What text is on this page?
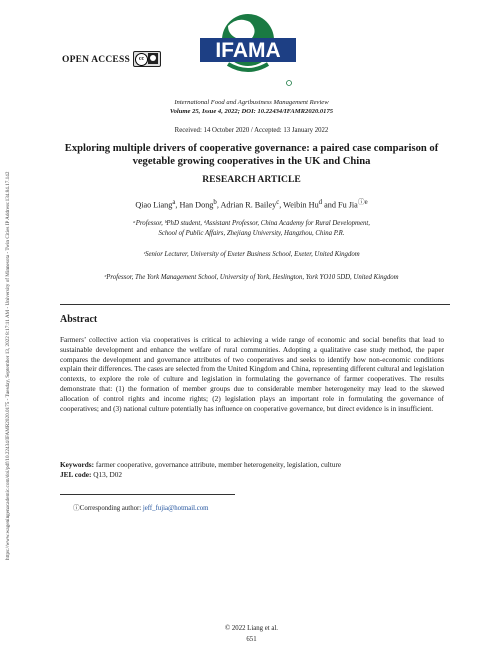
https://www.wageningenacademic.com/doi/pdf/10.22434/IFAMR2020.0175 - Tuesday, September 13, 2022 8:17:11 AM - University of Minnesota - Twin Cities IP Address:134.84.17.142
OPEN ACCESS	cc	IFAMA
International Food and Agribusiness Management Review
Volume 25, Issue 4, 2022; DOI: 10.22434/IFAMR2020.0175
Received: 14 October 2020 / Accepted: 13 January 2022
Exploring multiple drivers of cooperative governance: a paired case comparison of vegetable growing cooperatives in the UK and China
RESEARCH ARTICLE
Qiao Liang$^a$, Han Dong$^b$, Adrian R. Bailey$^c$, Weibin Hu$^d$ and Fu Jia$^{ⓘe}$
ᵃProfessor, ᵇPhD student, ᵈAssistant Professor, China Academy for Rural Development,
School of Public Affairs, Zhejiang University, Hangzhou, China P.R.
ᶜSenior Lecturer, University of Exeter Business School, Exeter, United Kingdom
ᵉProfessor, The York Management School, University of York, Heslington, York YO10 5DD, United Kingdom
Abstract
Farmers’ collective action via cooperatives is critical to achieving a wide range of economic and social benefits that lead to sustainable development and enhance the welfare of rural communities. Adopting a qualitative case study method, the paper compares the development and governance attributes of two cooperatives and seeks to identify how non-economic conditions explain their differences. The cases are selected from the United Kingdom and China, representing different cultural and legislation contexts, to explore the role of culture and legislation in formulating the governance of farmer cooperatives. The results demonstrate that: (1) the formation of member groups due to considerable member heterogeneity may lead to the skewed allocation of control rights and income rights; (2) legislation plays an important role in formulating the governance of cooperatives; and (3) national culture potentially has influence on cooperative governance, but direct evidence is in insufficient.
Keywords: farmer cooperative, governance attribute, member heterogeneity, legislation, culture
JEL code: Q13, D02
ⓘCorresponding author: jeff_fujia@hotmail.com
© 2022 Liang et al.
651
